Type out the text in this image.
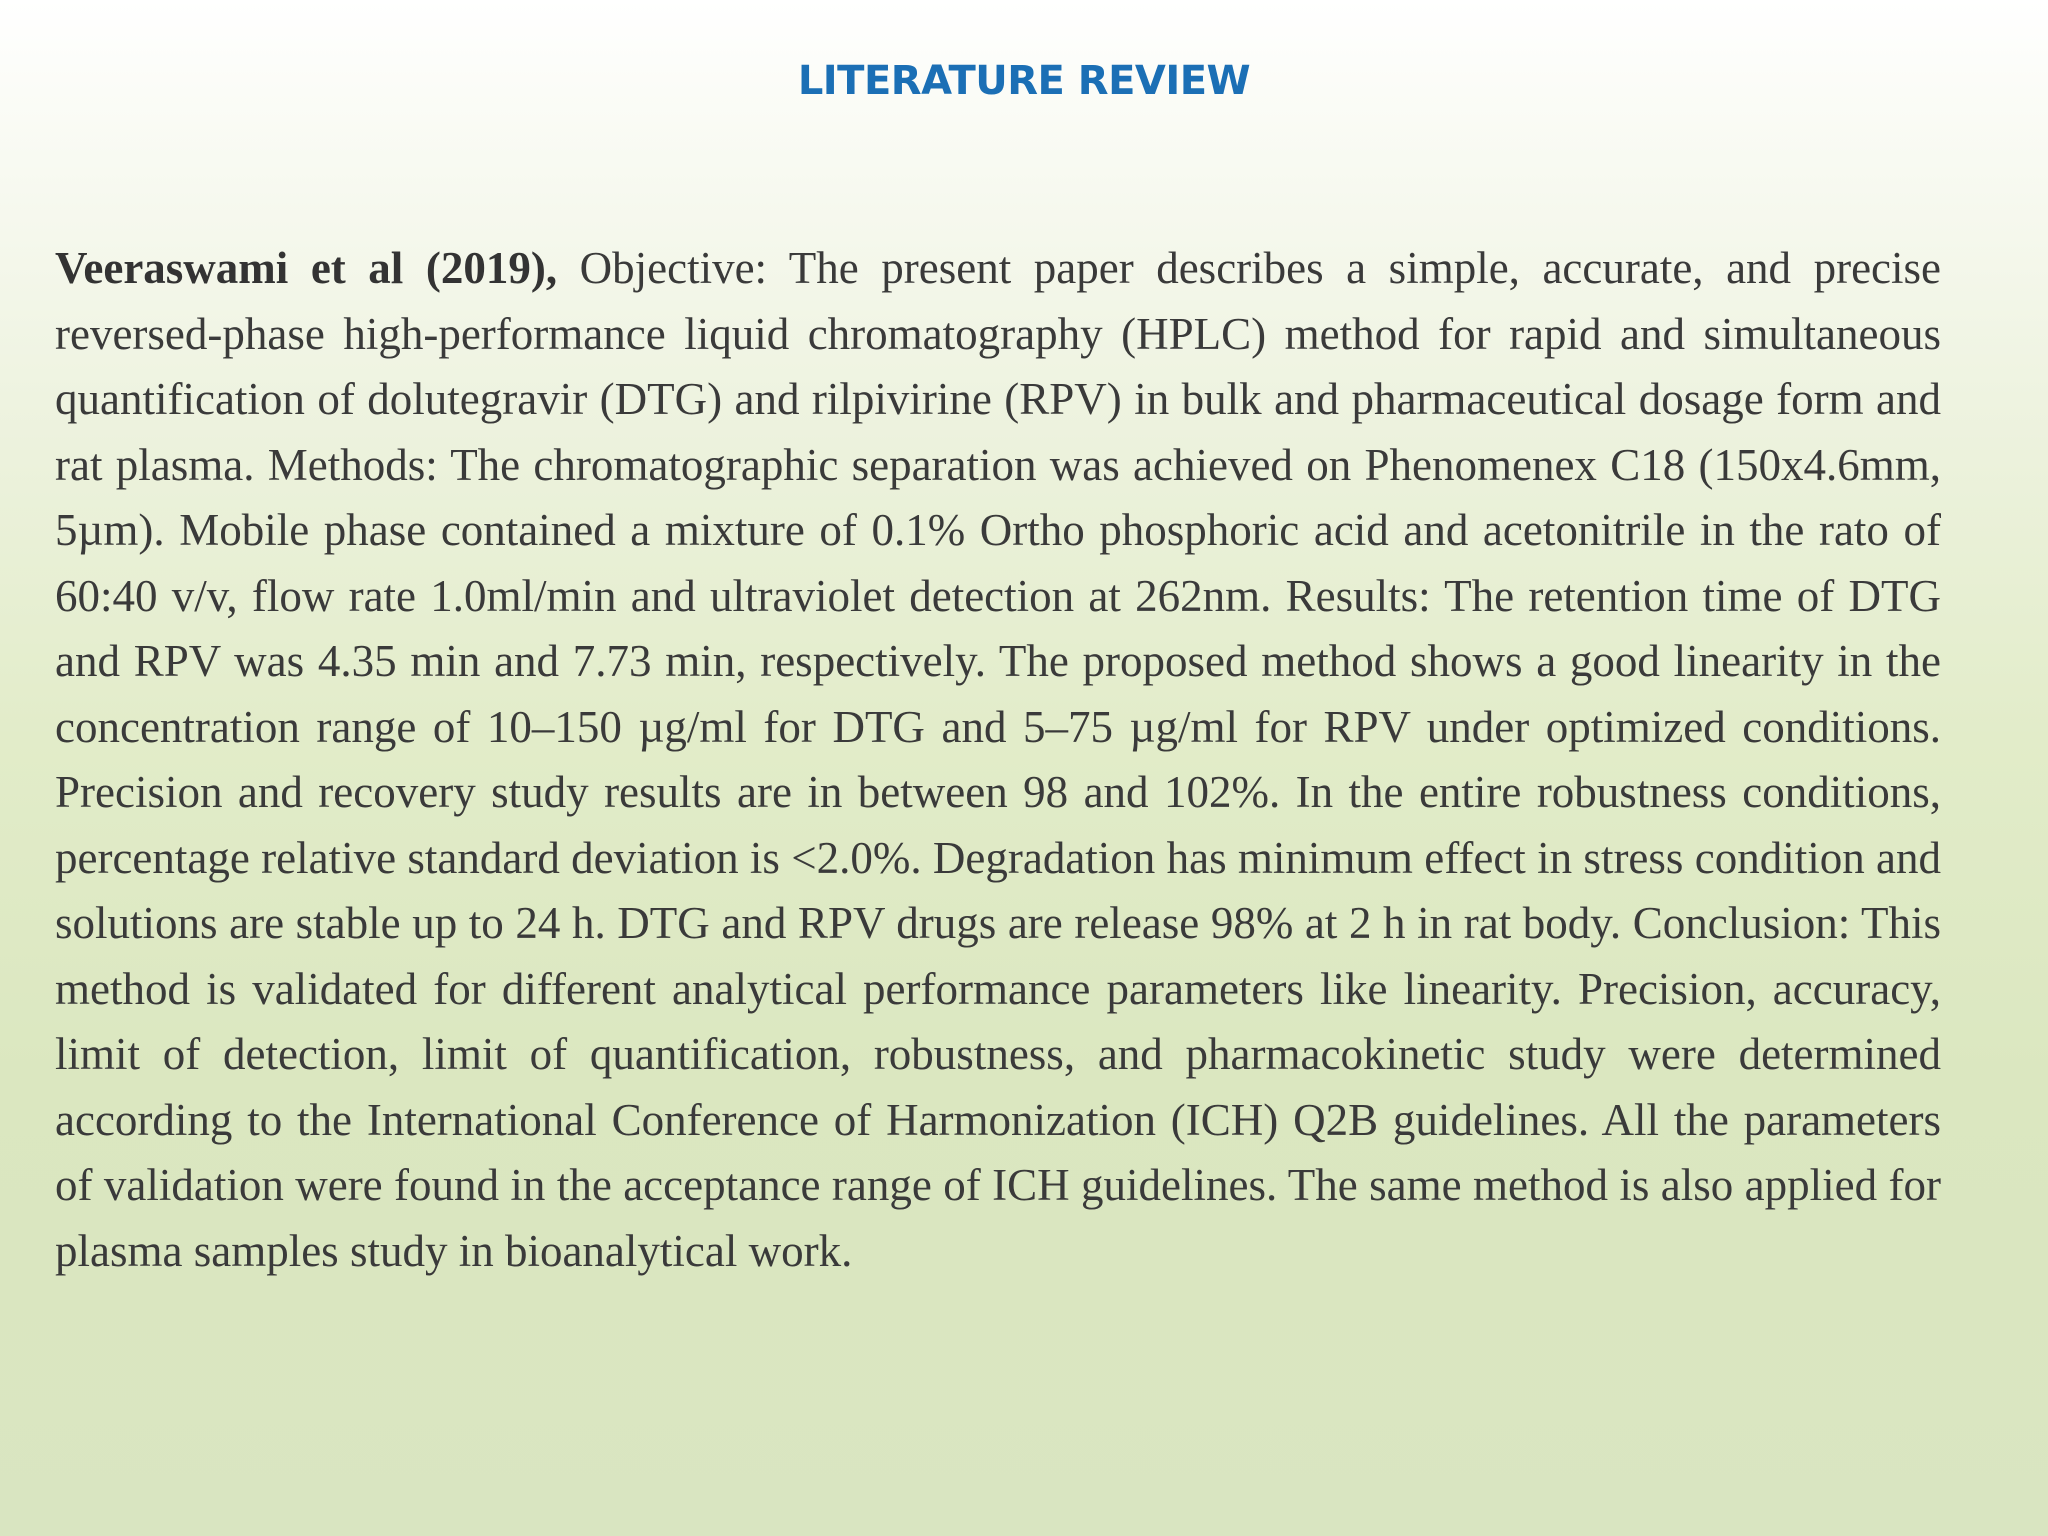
LITERATURE REVIEW

Veeraswami et al (2019), Objective: The present paper describes a simple, accurate, and precise reversed-phase high-performance liquid chromatography (HPLC) method for rapid and simultaneous quantification of dolutegravir (DTG) and rilpivirine (RPV) in bulk and pharmaceutical dosage form and rat plasma. Methods: The chromatographic separation was achieved on Phenomenex C18 (150x4.6mm, 5µm). Mobile phase contained a mixture of 0.1% Ortho phosphoric acid and acetonitrile in the rato of 60:40 v/v, flow rate 1.0ml/min and ultraviolet detection at 262nm. Results: The retention time of DTG and RPV was 4.35 min and 7.73 min, respectively. The proposed method shows a good linearity in the concentration range of 10–150 µg/ml for DTG and 5–75 µg/ml for RPV under optimized conditions. Precision and recovery study results are in between 98 and 102%. In the entire robustness conditions, percentage relative standard deviation is <2.0%. Degradation has minimum effect in stress condition and solutions are stable up to 24 h. DTG and RPV drugs are release 98% at 2 h in rat body. Conclusion: This method is validated for different analytical performance parameters like linearity. Precision, accuracy, limit of detection, limit of quantification, robustness, and pharmacokinetic study were determined according to the International Conference of Harmonization (ICH) Q2B guidelines. All the parameters of validation were found in the acceptance range of ICH guidelines. The same method is also applied for plasma samples study in bioanalytical work.
